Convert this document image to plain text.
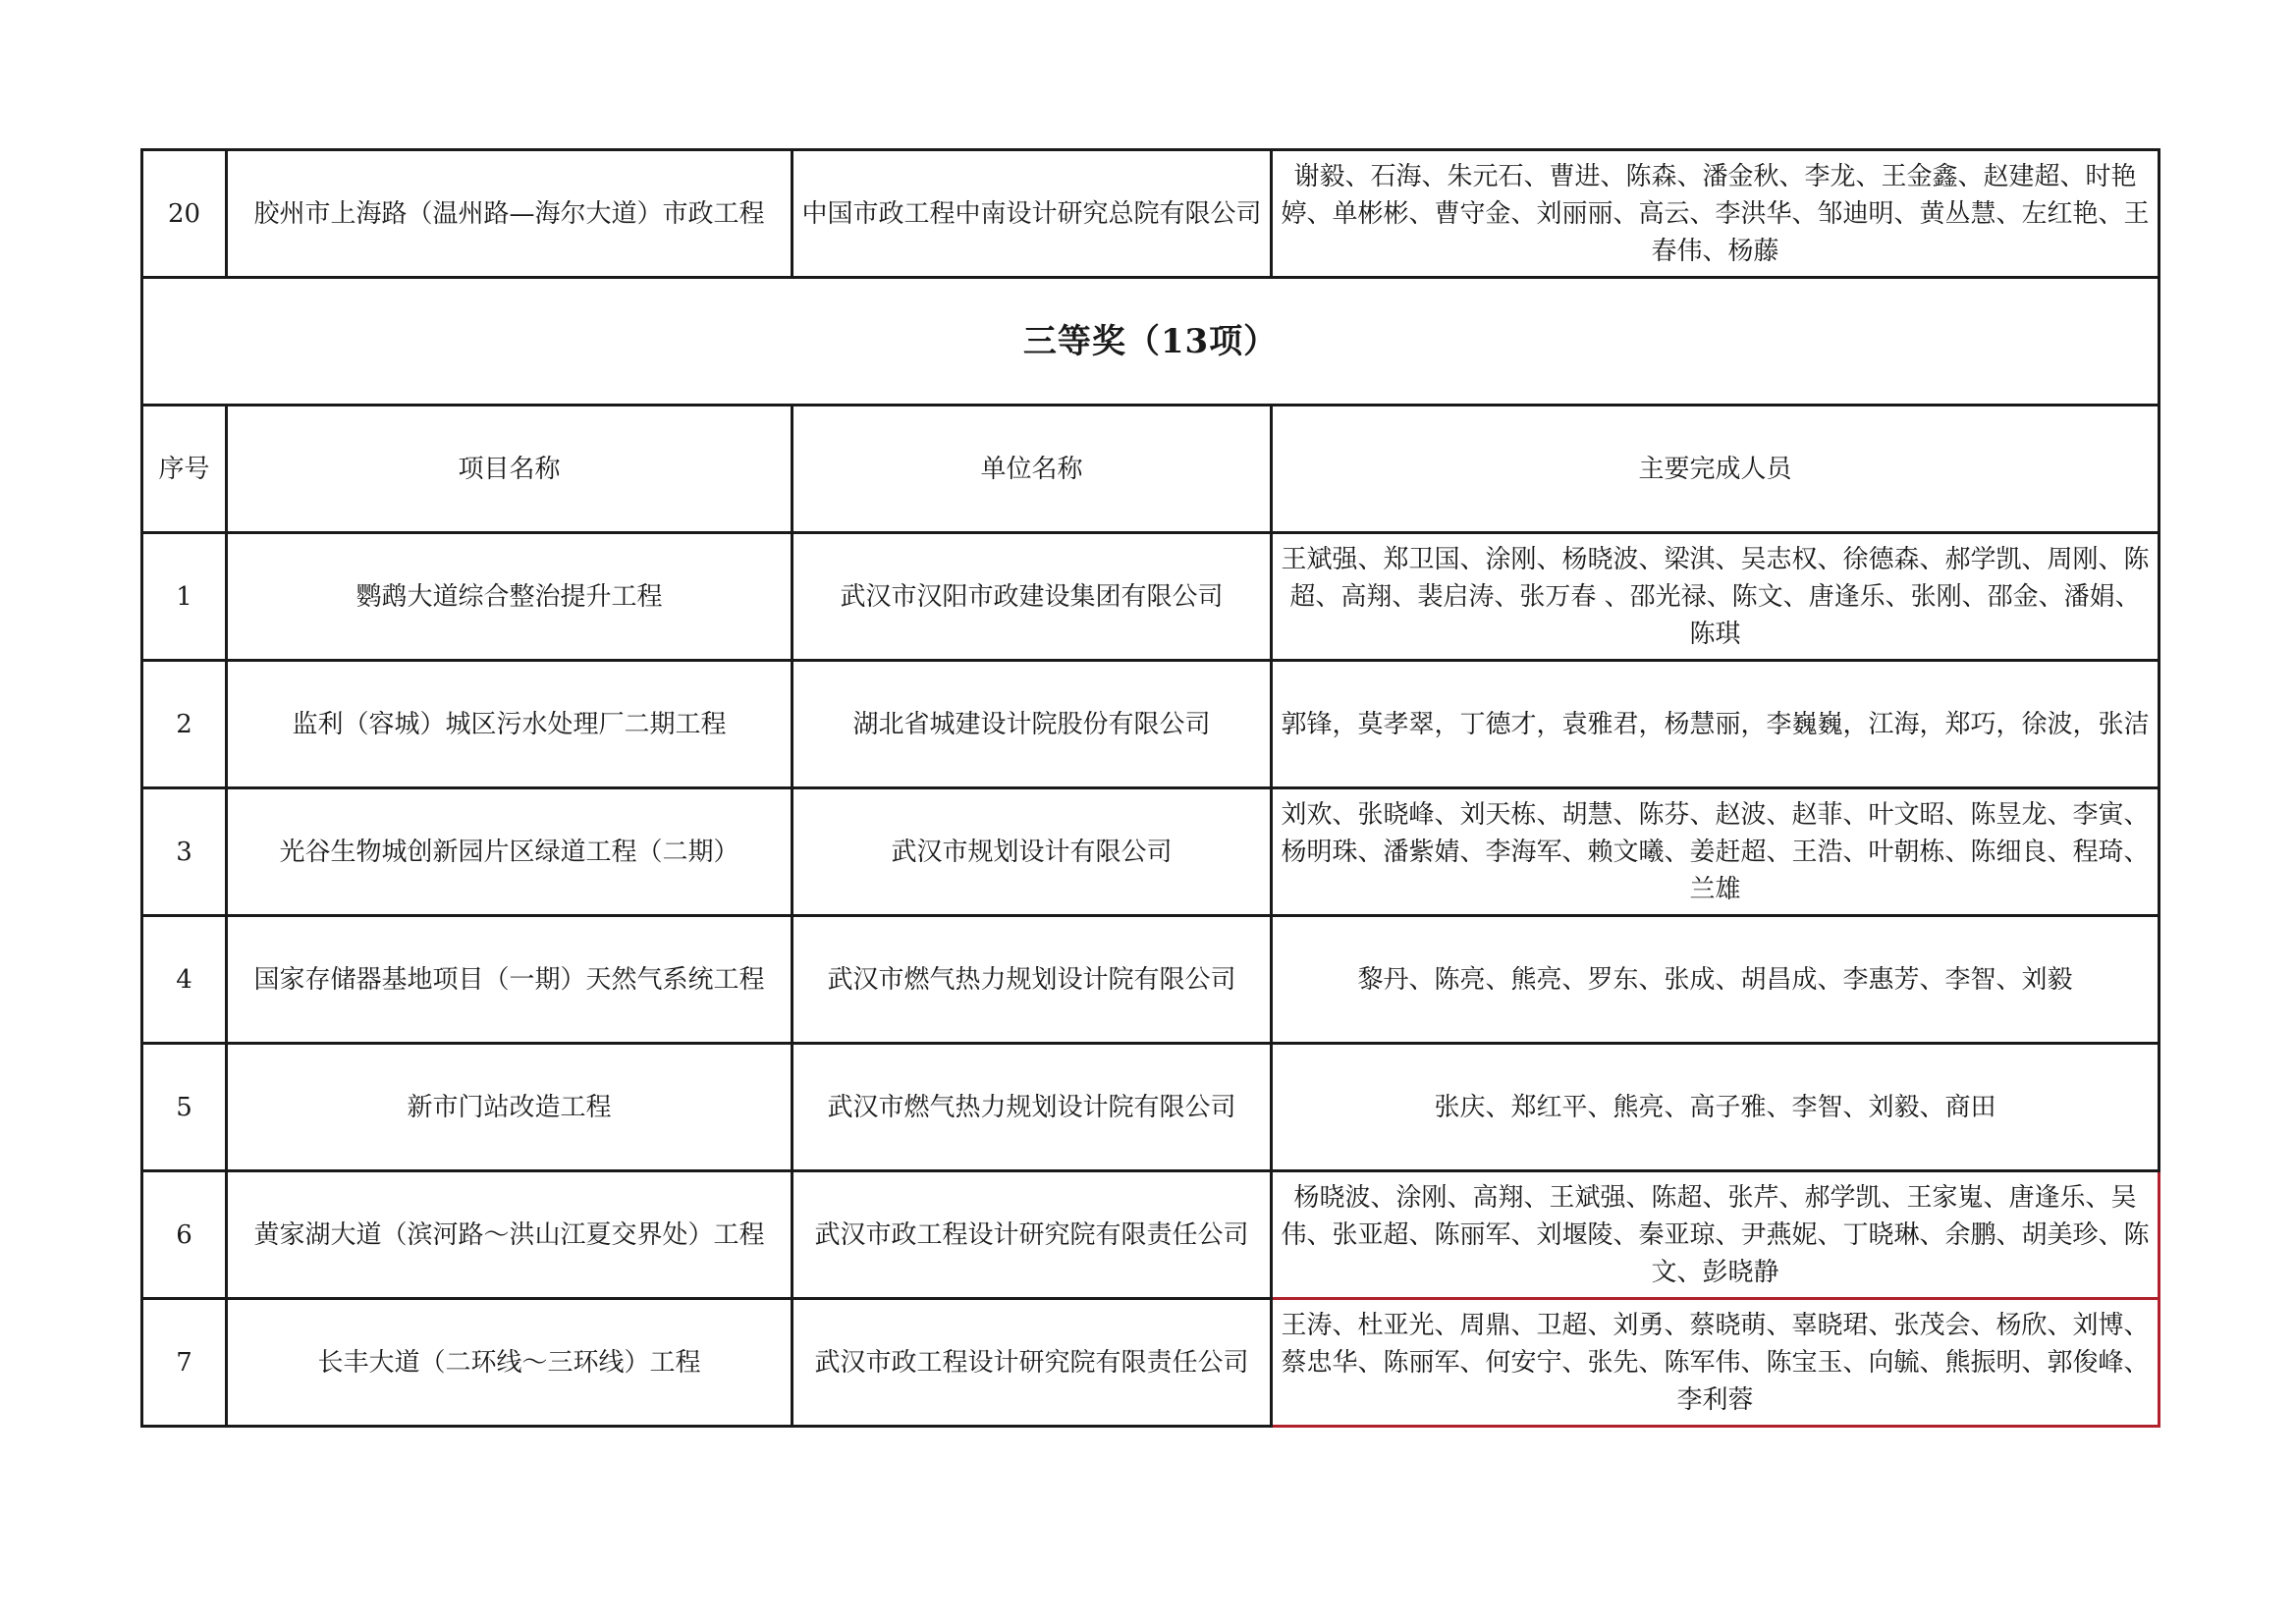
20	胶州市上海路（温州路—海尔大道）市政工程	中国市政工程中南设计研究总院有限公司	谢毅、石海、朱元石、曹进、陈森、潘金秋、李龙、王金鑫、赵建超、时艳婷、单彬彬、曹守金、刘丽丽、高云、李洪华、邹迪明、黄丛慧、左红艳、王春伟、杨藤
三等奖（13项）			
序号	项目名称	单位名称	主要完成人员
1	鹦鹉大道综合整治提升工程	武汉市汉阳市政建设集团有限公司	王斌强、郑卫国、涂刚、杨晓波、梁淇、吴志权、徐德森、郝学凯、周刚、陈超、高翔、裴启涛、张万春 、邵光禄、陈文、唐逢乐、张刚、邵金、潘娟、陈琪
2	监利（容城）城区污水处理厂二期工程	湖北省城建设计院股份有限公司	郭锋，莫孝翠，丁德才，袁雅君，杨慧丽，李巍巍，江海，郑巧，徐波，张洁
3	光谷生物城创新园片区绿道工程（二期）	武汉市规划设计有限公司	刘欢、张晓峰、刘天栋、胡慧、陈芬、赵波、赵菲、叶文昭、陈昱龙、李寅、杨明珠、潘紫婧、李海军、赖文曦、姜赶超、王浩、叶朝栋、陈细良、程琦、兰雄
4	国家存储器基地项目（一期）天然气系统工程	武汉市燃气热力规划设计院有限公司	黎丹、陈亮、熊亮、罗东、张成、胡昌成、李惠芳、李智、刘毅
5	新市门站改造工程	武汉市燃气热力规划设计院有限公司	张庆、郑红平、熊亮、高子雅、李智、刘毅、商田
6	黄家湖大道（滨河路～洪山江夏交界处）工程	武汉市政工程设计研究院有限责任公司	杨晓波、涂刚、高翔、王斌强、陈超、张芹、郝学凯、王家嵬、唐逢乐、吴伟、张亚超、陈丽军、刘堰陵、秦亚琼、尹燕妮、丁晓琳、余鹏、胡美珍、陈文、彭晓静
7	长丰大道（二环线～三环线）工程	武汉市政工程设计研究院有限责任公司	王涛、杜亚光、周鼎、卫超、刘勇、蔡晓萌、辜晓珺、张茂会、杨欣、刘博、蔡忠华、陈丽军、何安宁、张先、陈军伟、陈宝玉、向毓、熊振明、郭俊峰、李利蓉
